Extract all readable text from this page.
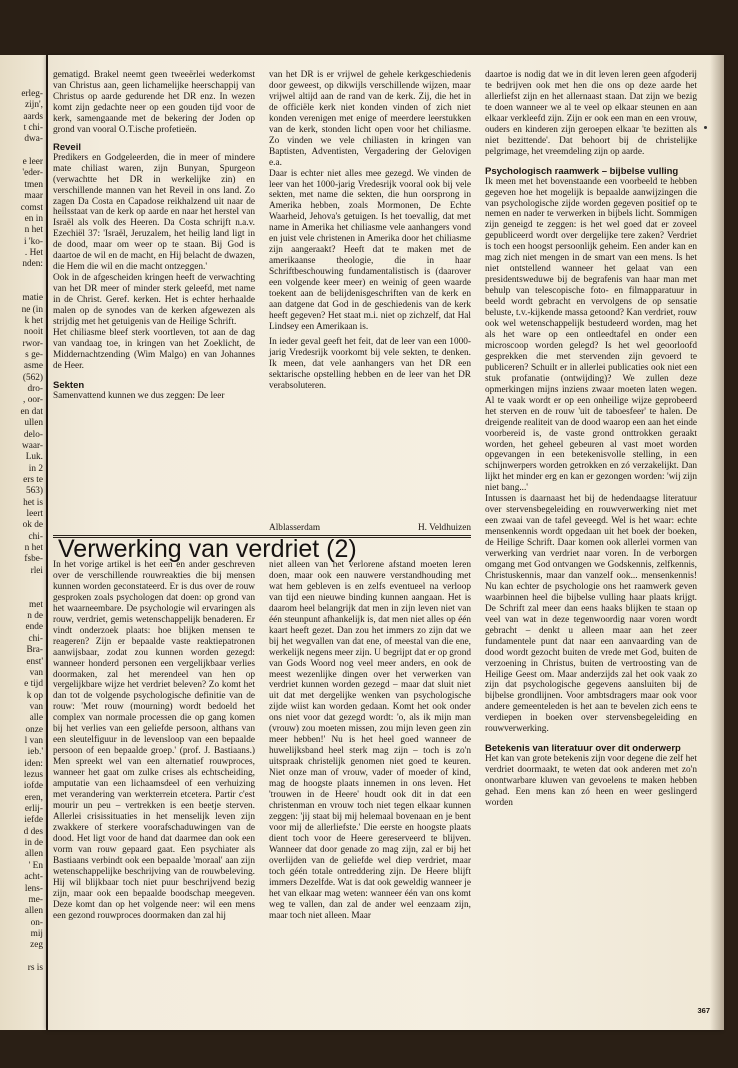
erleg-
zijn',
aards
t chi-
dwa-
e leer
'eder-
tmen
maar
comst
en in
n het
i 'ko-
. Het
nden:
matie
ne (in
k het
nooit
rwor-
s ge-
asme
(562)
dro-
, oor-
en dat
ullen
delo-
waar-
Luk.
in 2
ers te
563)
het is
leert
ok de
chi-
n het
fsbe-
rlei
met
n de
ende
chi-
Bra-
enst'
van
e tijd
k op
van
alle
onze
l van
ieb.'
iden:
lezus
iofde
eren,
erlij-
iefde
d des
in de
allen
' En
acht-
lens-
me-
allen
on-
mij
zeg
rs is

gematigd. Brakel neemt geen tweeërlei wederkomst van Christus aan, geen lichamelijke heerschappij van Christus op aarde gedurende het DR enz. In wezen komt zijn gedachte neer op een gouden tijd voor de kerk, samengaande met de bekering der Joden op grond van vooral O.T.ische profetieën.

Reveil

Predikers en Godgeleerden, die in meer of mindere mate chiliast waren, zijn Bunyan, Spurgeon (verwachtte het DR in werkelijke zin) en verschillende mannen van het Reveil in ons land. Zo zagen Da Costa en Capadose reikhalzend uit naar de heilsstaat van de kerk op aarde en naar het herstel van Israël als volk des Heeren. Da Costa schrijft n.a.v. Ezechiël 37: 'Israël, Jeruzalem, het heilig land ligt in de dood, maar om weer op te staan. Bij God is daartoe de wil en de macht, en Hij belacht de dwazen, die Hem die wil en die macht ontzeggen.'

Ook in de afgescheiden kringen heeft de verwachting van het DR meer of minder sterk geleefd, met name in de Christ. Geref. kerken. Het is echter herhaalde malen op de synodes van de kerken afgewezen als strijdig met het getuigenis van de Heilige Schrift.

Het chiliasme bleef sterk voortleven, tot aan de dag van vandaag toe, in kringen van het Zoeklicht, de Middernachtzending (Wim Malgo) en van Johannes de Heer.

Sekten

Samenvattend kunnen we dus zeggen: De leer

van het DR is er vrijwel de gehele kerkgeschiedenis door geweest, op dikwijls verschillende wijzen, maar vrijwel altijd aan de rand van de kerk. Zij, die het in de officiële kerk niet konden vinden of zich niet konden verenigen met enige of meerdere leerstukken van de kerk, stonden licht open voor het chiliasme. Zo vinden we vele chiliasten in kringen van Baptisten, Adventisten, Vergadering der Gelovigen e.a.

Daar is echter niet alles mee gezegd. We vinden de leer van het 1000-jarig Vredesrijk vooral ook bij vele sekten, met name die sekten, die hun oorsprong in Amerika hebben, zoals Mormonen, De Echte Waarheid, Jehova's getuigen. Is het toevallig, dat met name in Amerika het chiliasme vele aanhangers vond en juist vele christenen in Amerika door het chiliasme zijn aangeraakt? Heeft dat te maken met de amerikaanse theologie, die in haar Schriftbeschouwing fundamentalistisch is (daarover een volgende keer meer) en weinig of geen waarde toekent aan de belijdenisgeschriften van de kerk en aan datgene dat God in de geschiedenis van de kerk heeft gegeven? Het staat m.i. niet op zichzelf, dat Hal Lindsey een Amerikaan is.

In ieder geval geeft het feit, dat de leer van een 1000-jarig Vredesrijk voorkomt bij vele sekten, te denken. Ik meen, dat vele aanhangers van het DR een sektarische opstelling hebben en de leer van het DR verabsoluteren.

Alblasserdam	H. Veldhuizen

daartoe is nodig dat we in dit leven leren geen afgoderij te bedrijven ook met hen die ons op deze aarde het allerliefst zijn en het allernaast staan. Dat zijn we bezig te doen wanneer we al te veel op elkaar steunen en aan elkaar verkleefd zijn. Zijn er ook een man en een vrouw, ouders en kinderen zijn geroepen elkaar 'te bezitten als niet bezittende'. Dat behoort bij de christelijke pelgrimage, het vreemdeling zijn op aarde.

Psychologisch raamwerk – bijbelse vulling

Ik meen met het bovenstaande een voorbeeld te hebben gegeven hoe het mogelijk is bepaalde aanwijzingen die van psychologische zijde worden gegeven positief op te nemen en nader te verwerken in bijbels licht. Sommigen zijn geneigd te zeggen: is het wel goed dat er zoveel gepubliceerd wordt over dergelijke tere zaken? Verdriet is toch een hoogst persoonlijk geheim. Een ander kan en mag zich niet mengen in de smart van een mens. Is het niet ontstellend wanneer het gelaat van een presidentsweduwe bij de begrafenis van haar man met behulp van telescopische foto- en filmapparatuur in beeld wordt gebracht en vervolgens de op sensatie beluste, t.v.-kijkende massa getoond? Kan verdriet, rouw ook wel wetenschappelijk bestudeerd worden, mag het als het ware op een ontleedtafel en onder een microscoop worden gelegd? Is het wel geoorloofd gesprekken die met stervenden zijn gevoerd te publiceren? Schuilt er in allerlei publicaties ook niet een stuk profanatie (ontwijding)? We zullen deze opmerkingen mijns inziens zwaar moeten laten wegen. Al te vaak wordt er op een onheilige wijze geprobeerd het sterven en de rouw 'uit de taboesfeer' te halen. De dreigende realiteit van de dood waarop een aan het einde voorbereid is, de vaste grond onttrokken geraakt worden, het geheel gebeuren al vast moet worden opgevangen in een betekenisvolle stelling, in een schijnwerpers worden getrokken en zó verzakelijkt. Dan lijkt het minder erg en kan er gezongen worden: 'wij zijn niet bang...'

Intussen is daarnaast het bij de hedendaagse literatuur over stervensbegeleiding en rouwverwerking niet met een zwaai van de tafel geveegd. Wel is het waar: echte mensenkennis wordt opgedaan uit het boek der boeken, de Heilige Schrift. Daar komen ook allerlei vormen van verwerking van verdriet naar voren. In de verborgen omgang met God ontvangen we Godskennis, zelfkennis, Christuskennis, maar dan vanzelf ook... mensenkennis! Nu kan echter de psychologie ons het raamwerk geven waarbinnen heel die bijbelse vulling haar plaats krijgt. De Schrift zal meer dan eens haaks blijken te staan op veel van wat in deze tegenwoordig naar voren wordt gebracht – denkt u alleen maar aan het zeer fundamentele punt dat naar een aanvaarding van de dood wordt gezocht buiten de vrede met God, buiten de verzoening in Christus, buiten de vertroosting van de Heilige Geest om. Maar anderzijds zal het ook vaak zo zijn dat psychologische gegevens aansluiten bij de bijbelse grondlijnen. Voor ambtsdragers maar ook voor andere gemeenteleden is het aan te bevelen zich eens te verdiepen in boeken over stervensbegeleiding en rouwverwerking.

Betekenis van literatuur over dit onderwerp

Het kan van grote betekenis zijn voor degene die zelf het verdriet doormaakt, te weten dat ook anderen met zo'n onontwarbare kluwen van gevoelens te maken hebben gehad. Een mens kan zó heen en weer geslingerd worden

Verwerking van verdriet (2)

In het vorige artikel is het een en ander geschreven over de verschillende rouwreakties die bij mensen kunnen worden geconstateerd. Er is dus over de rouw gesproken zoals psychologen dat doen: op grond van het waarneembare. De psychologie wil ervaringen als rouw, verdriet, gemis wetenschappelijk benaderen. Er vindt onderzoek plaats: hoe blijken mensen te reageren? Zijn er bepaalde vaste reaktiepatronen aanwijsbaar, zodat zou kunnen worden gezegd: wanneer honderd personen een vergelijkbaar verlies doormaken, zal het merendeel van hen op vergelijkbare wijze het verdriet beleven? Zo komt het dan tot de volgende psychologische definitie van de rouw: 'Met rouw (mourning) wordt bedoeld het complex van normale processen die op gang komen bij het verlies van een geliefde persoon, althans van een sleutelfiguur in de levensloop van een bepaalde persoon of een bepaalde groep.' (prof. J. Bastiaans.) Men spreekt wel van een alternatief rouwproces, wanneer het gaat om zulke crises als echtscheiding, amputatie van een lichaamsdeel of een verhuizing met verandering van werkterrein etcetera. Partir c'est mourir un peu – vertrekken is een beetje sterven. Allerlei crisissituaties in het menselijk leven zijn zwakkere of sterkere voorafschaduwingen van de dood. Het ligt voor de hand dat daarmee dan ook een vorm van rouw gepaard gaat. Een psychiater als Bastiaans verbindt ook een bepaalde 'moraal' aan zijn wetenschappelijke beschrijving van de rouwbeleving. Hij wil blijkbaar toch niet puur beschrijvend bezig zijn, maar ook een bepaalde boodschap meegeven. Deze komt dan op het volgende neer: wil een mens een gezond rouwproces doormaken dan zal hij

niet alleen van het verlorene afstand moeten leren doen, maar ook een nauwere verstandhouding met wat hem gebleven is en zelfs eventueel na verloop van tijd een nieuwe binding kunnen aangaan. Het is daarom heel belangrijk dat men in zijn leven niet van één steunpunt afhankelijk is, dat men niet alles op één kaart heeft gezet. Dan zou het immers zo zijn dat we bij het wegvallen van dat ene, of meestal van die ene, werkelijk negens meer zijn. U begrijpt dat er op grond van Gods Woord nog veel meer anders, en ook de meest wezenlijke dingen over het verwerken van verdriet kunnen worden gezegd – maar dat sluit niet uit dat met dergelijke wenken van psychologische zijde wiist kan worden gedaan. Komt het ook onder ons niet voor dat gezegd wordt: 'o, als ik mijn man (vrouw) zou moeten missen, zou mijn leven geen zin meer hebben!' Nu is het heel goed wanneer de huwelijksband heel sterk mag zijn – toch is zo'n uitspraak christelijk genomen niet goed te keuren. Niet onze man of vrouw, vader of moeder of kind, mag de hoogste plaats innemen in ons leven. Het 'trouwen in de Heere' houdt ook dit in dat een christenman en vrouw toch niet tegen elkaar kunnen zeggen: 'jij staat bij mij helemaal bovenaan en je bent voor mij de allerliefste.' Die eerste en hoogste plaats dient toch voor de Heere gereserveerd te blijven. Wanneer dat door genade zo mag zijn, zal er bij het overlijden van de geliefde wel diep verdriet, maar toch géén totale ontreddering zijn. De Heere blijft immers Dezelfde. Wat is dat ook geweldig wanneer je het van elkaar mag weten: wanneer één van ons komt weg te vallen, dan zal de ander wel eenzaam zijn, maar toch niet alleen. Maar

367
